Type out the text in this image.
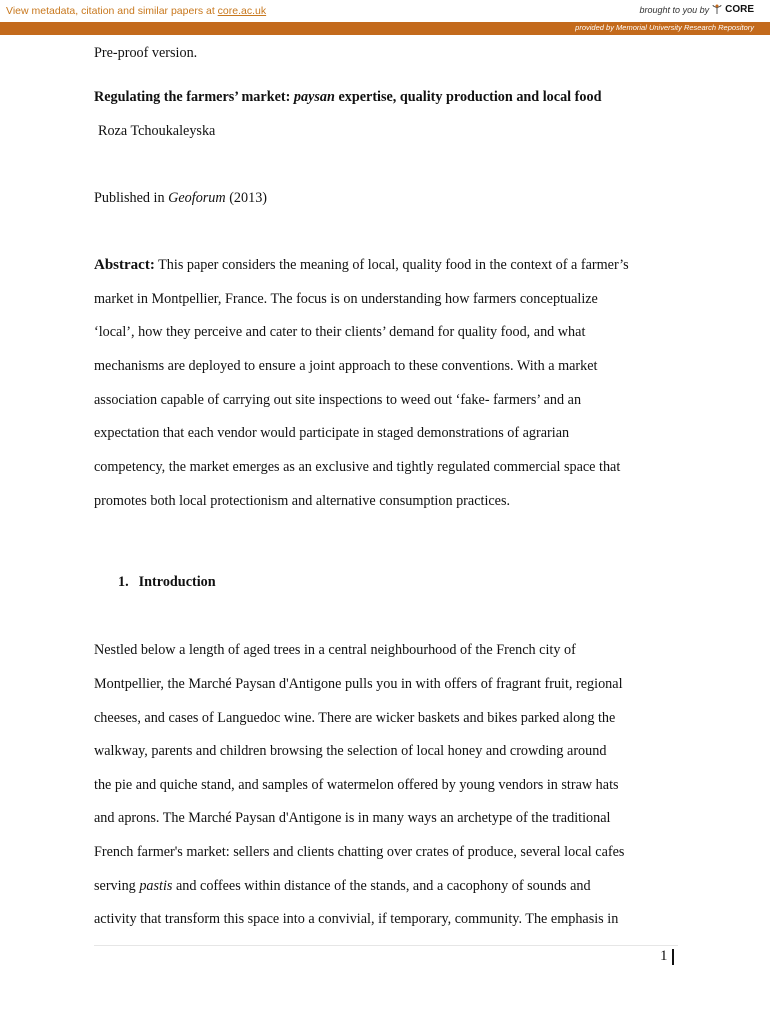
View metadata, citation and similar papers at core.ac.uk	brought to you by CORE
provided by Memorial University Research Repository
Pre-proof version.
Regulating the farmers’ market: paysan expertise, quality production and local food
Roza Tchoukaleyska
Published in Geoforum (2013)
Abstract: This paper considers the meaning of local, quality food in the context of a farmer’s
market in Montpellier, France. The focus is on understanding how farmers conceptualize
‘local’, how they perceive and cater to their clients’ demand for quality food, and what
mechanisms are deployed to ensure a joint approach to these conventions. With a market
association capable of carrying out site inspections to weed out ‘fake- farmers’ and an
expectation that each vendor would participate in staged demonstrations of agrarian
competency, the market emerges as an exclusive and tightly regulated commercial space that
promotes both local protectionism and alternative consumption practices.
1. Introduction
Nestled below a length of aged trees in a central neighbourhood of the French city of
Montpellier, the Marché Paysan d'Antigone pulls you in with offers of fragrant fruit, regional
cheeses, and cases of Languedoc wine. There are wicker baskets and bikes parked along the
walkway, parents and children browsing the selection of local honey and crowding around
the pie and quiche stand, and samples of watermelon offered by young vendors in straw hats
and aprons. The Marché Paysan d'Antigone is in many ways an archetype of the traditional
French farmer's market: sellers and clients chatting over crates of produce, several local cafes
serving pastis and coffees within distance of the stands, and a cacophony of sounds and
activity that transform this space into a convivial, if temporary, community. The emphasis in
1
